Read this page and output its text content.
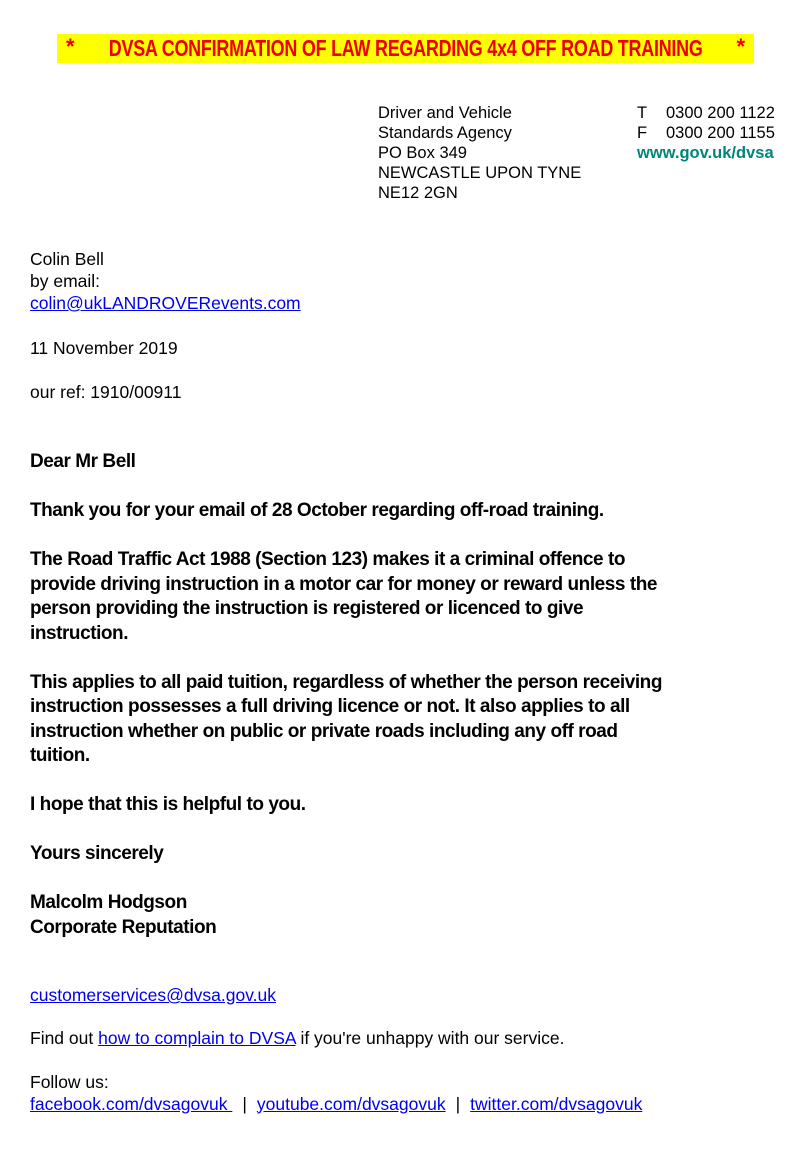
* DVSA CONFIRMATION OF LAW REGARDING 4x4 OFF ROAD TRAINING *
Driver and Vehicle
Standards Agency
PO Box 349
NEWCASTLE UPON TYNE
NE12 2GN
T	0300 200 1122
F	0300 200 1155
www.gov.uk/dvsa
Colin Bell
by email:
colin@ukLANDROVERevents.com
11 November 2019
our ref: 1910/00911
Dear Mr Bell
Thank you for your email of 28 October regarding off-road training.
The Road Traffic Act 1988 (Section 123) makes it a criminal offence to
provide driving instruction in a motor car for money or reward unless the
person providing the instruction is registered or licenced to give
instruction.
This applies to all paid tuition, regardless of whether the person receiving
instruction possesses a full driving licence or not. It also applies to all
instruction whether on public or private roads including any off road
tuition.
I hope that this is helpful to you.
Yours sincerely
Malcolm Hodgson
Corporate Reputation
customerservices@dvsa.gov.uk
Find out how to complain to DVSA if you're unhappy with our service.
Follow us:
facebook.com/dvsagovuk | youtube.com/dvsagovuk | twitter.com/dvsagovuk
